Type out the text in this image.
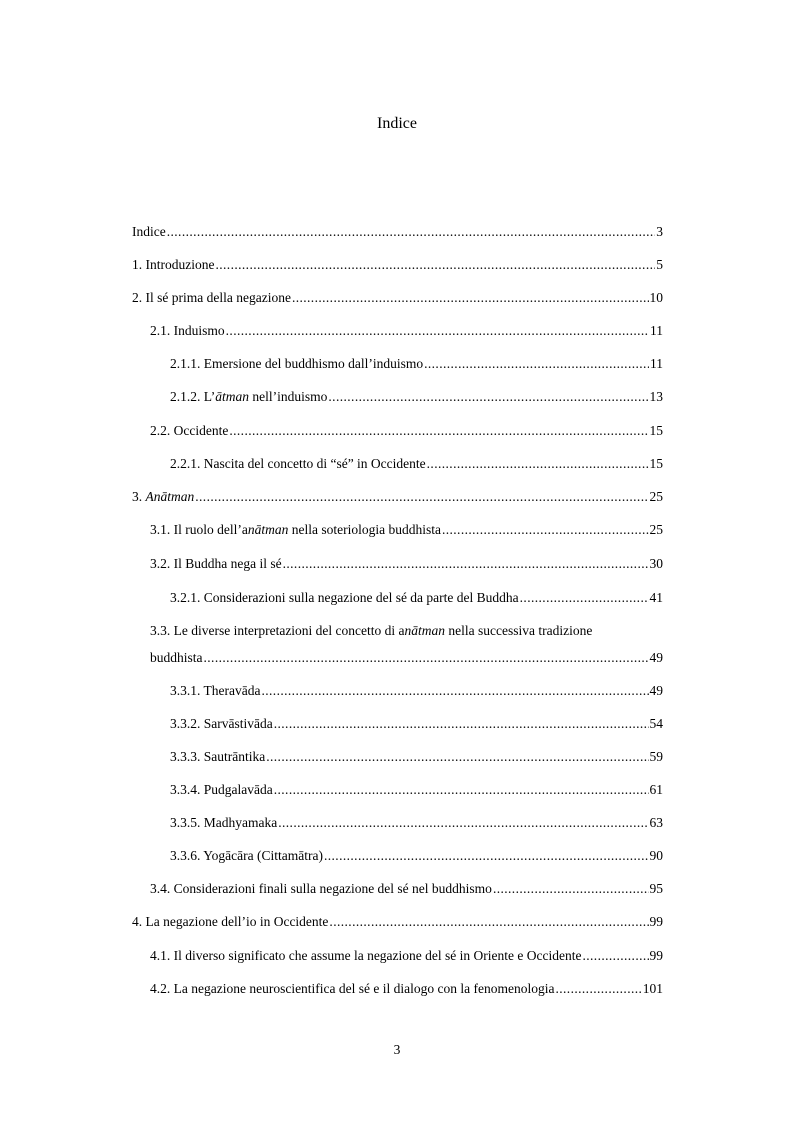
Indice
Indice .....	3
1. Introduzione .....	5
2. Il sé prima della negazione .....	10
2.1. Induismo .....	11
2.1.1. Emersione del buddhismo dall’induismo .....	11
2.1.2. L’ātman nell’induismo .....	13
2.2. Occidente .....	15
2.2.1. Nascita del concetto di “sé” in Occidente .....	15
3. Anātman .....	25
3.1. Il ruolo dell’anātman nella soteriologia buddhista .....	25
3.2. Il Buddha nega il sé .....	30
3.2.1. Considerazioni sulla negazione del sé da parte del Buddha .....	41
3.3. Le diverse interpretazioni del concetto di anātman nella successiva tradizione
buddhista .....	49
3.3.1. Theravāda .....	49
3.3.2. Sarvāstivāda .....	54
3.3.3. Sautrāntika .....	59
3.3.4. Pudgalavāda .....	61
3.3.5. Madhyamaka .....	63
3.3.6. Yogācāra (Cittamātra) .....	90
3.4. Considerazioni finali sulla negazione del sé nel buddhismo .....	95
4. La negazione dell’io in Occidente .....	99
4.1. Il diverso significato che assume la negazione del sé in Oriente e Occidente .....	99
4.2. La negazione neuroscientifica del sé e il dialogo con la fenomenologia .....	101
3
